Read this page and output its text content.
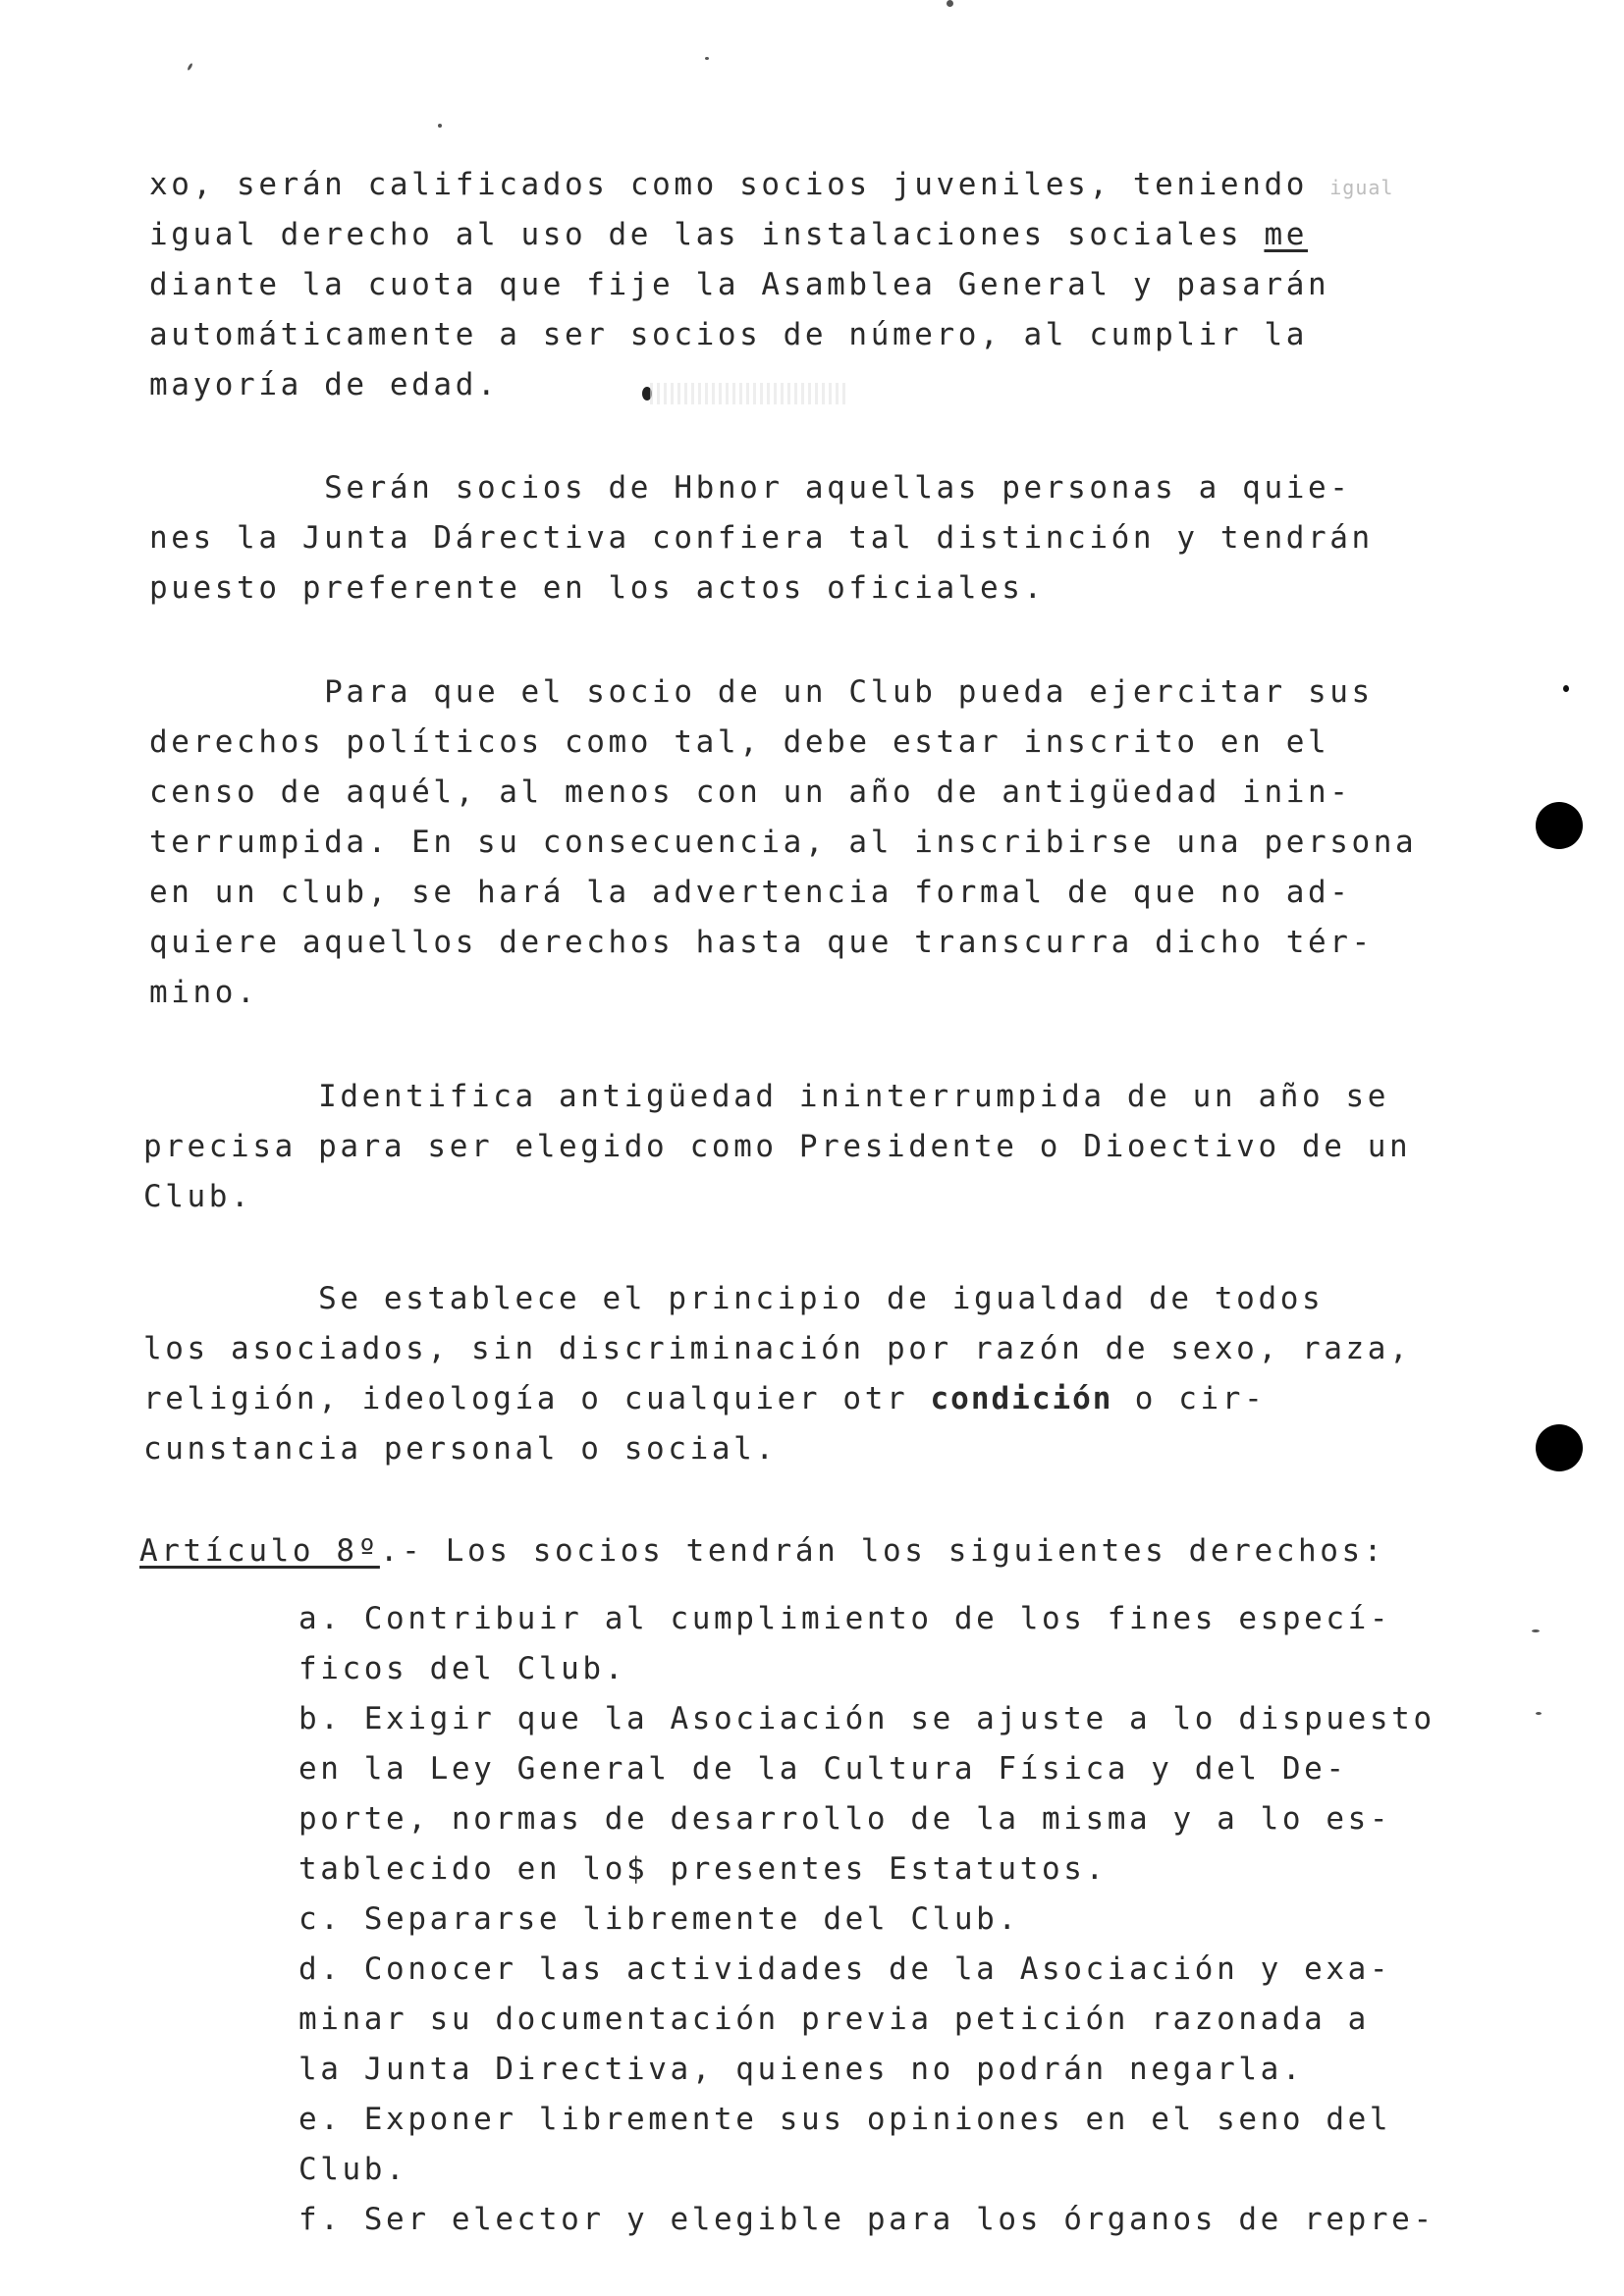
xo, serán calificados como socios juveniles, teniendo igual
igual derecho al uso de las instalaciones sociales me
diante la cuota que fije la Asamblea General y pasarán
automáticamente a ser socios de número, al cumplir la
mayoría de edad.
Serán socios de Hbnor aquellas personas a quie-
nes la Junta Dárectiva confiera tal distinción y tendrán
puesto preferente en los actos oficiales.
Para que el socio de un Club pueda ejercitar sus
derechos políticos como tal, debe estar inscrito en el
censo de aquél, al menos con un año de antigüedad inin-
terrumpida. En su consecuencia, al inscribirse una persona
en un club, se hará la advertencia formal de que no ad-
quiere aquellos derechos hasta que transcurra dicho tér-
mino.
Identifica antigüedad ininterrumpida de un año se
precisa para ser elegido como Presidente o Dioectivo de un
Club.
Se establece el principio de igualdad de todos
los asociados, sin discriminación por razón de sexo, raza,
religión, ideología o cualquier otr condición o cir-
cunstancia personal o social.
Artículo 8º.- Los socios tendrán los siguientes derechos:
a. Contribuir al cumplimiento de los fines especí-
ficos del Club.
b. Exigir que la Asociación se ajuste a lo dispuesto
en la Ley General de la Cultura Física y del De-
porte, normas de desarrollo de la misma y a lo es-
tablecido en lo$ presentes Estatutos.
c. Separarse libremente del Club.
d. Conocer las actividades de la Asociación y exa-
minar su documentación previa petición razonada a
la Junta Directiva, quienes no podrán negarla.
e. Exponer libremente sus opiniones en el seno del
Club.
f. Ser elector y elegible para los órganos de repre-
